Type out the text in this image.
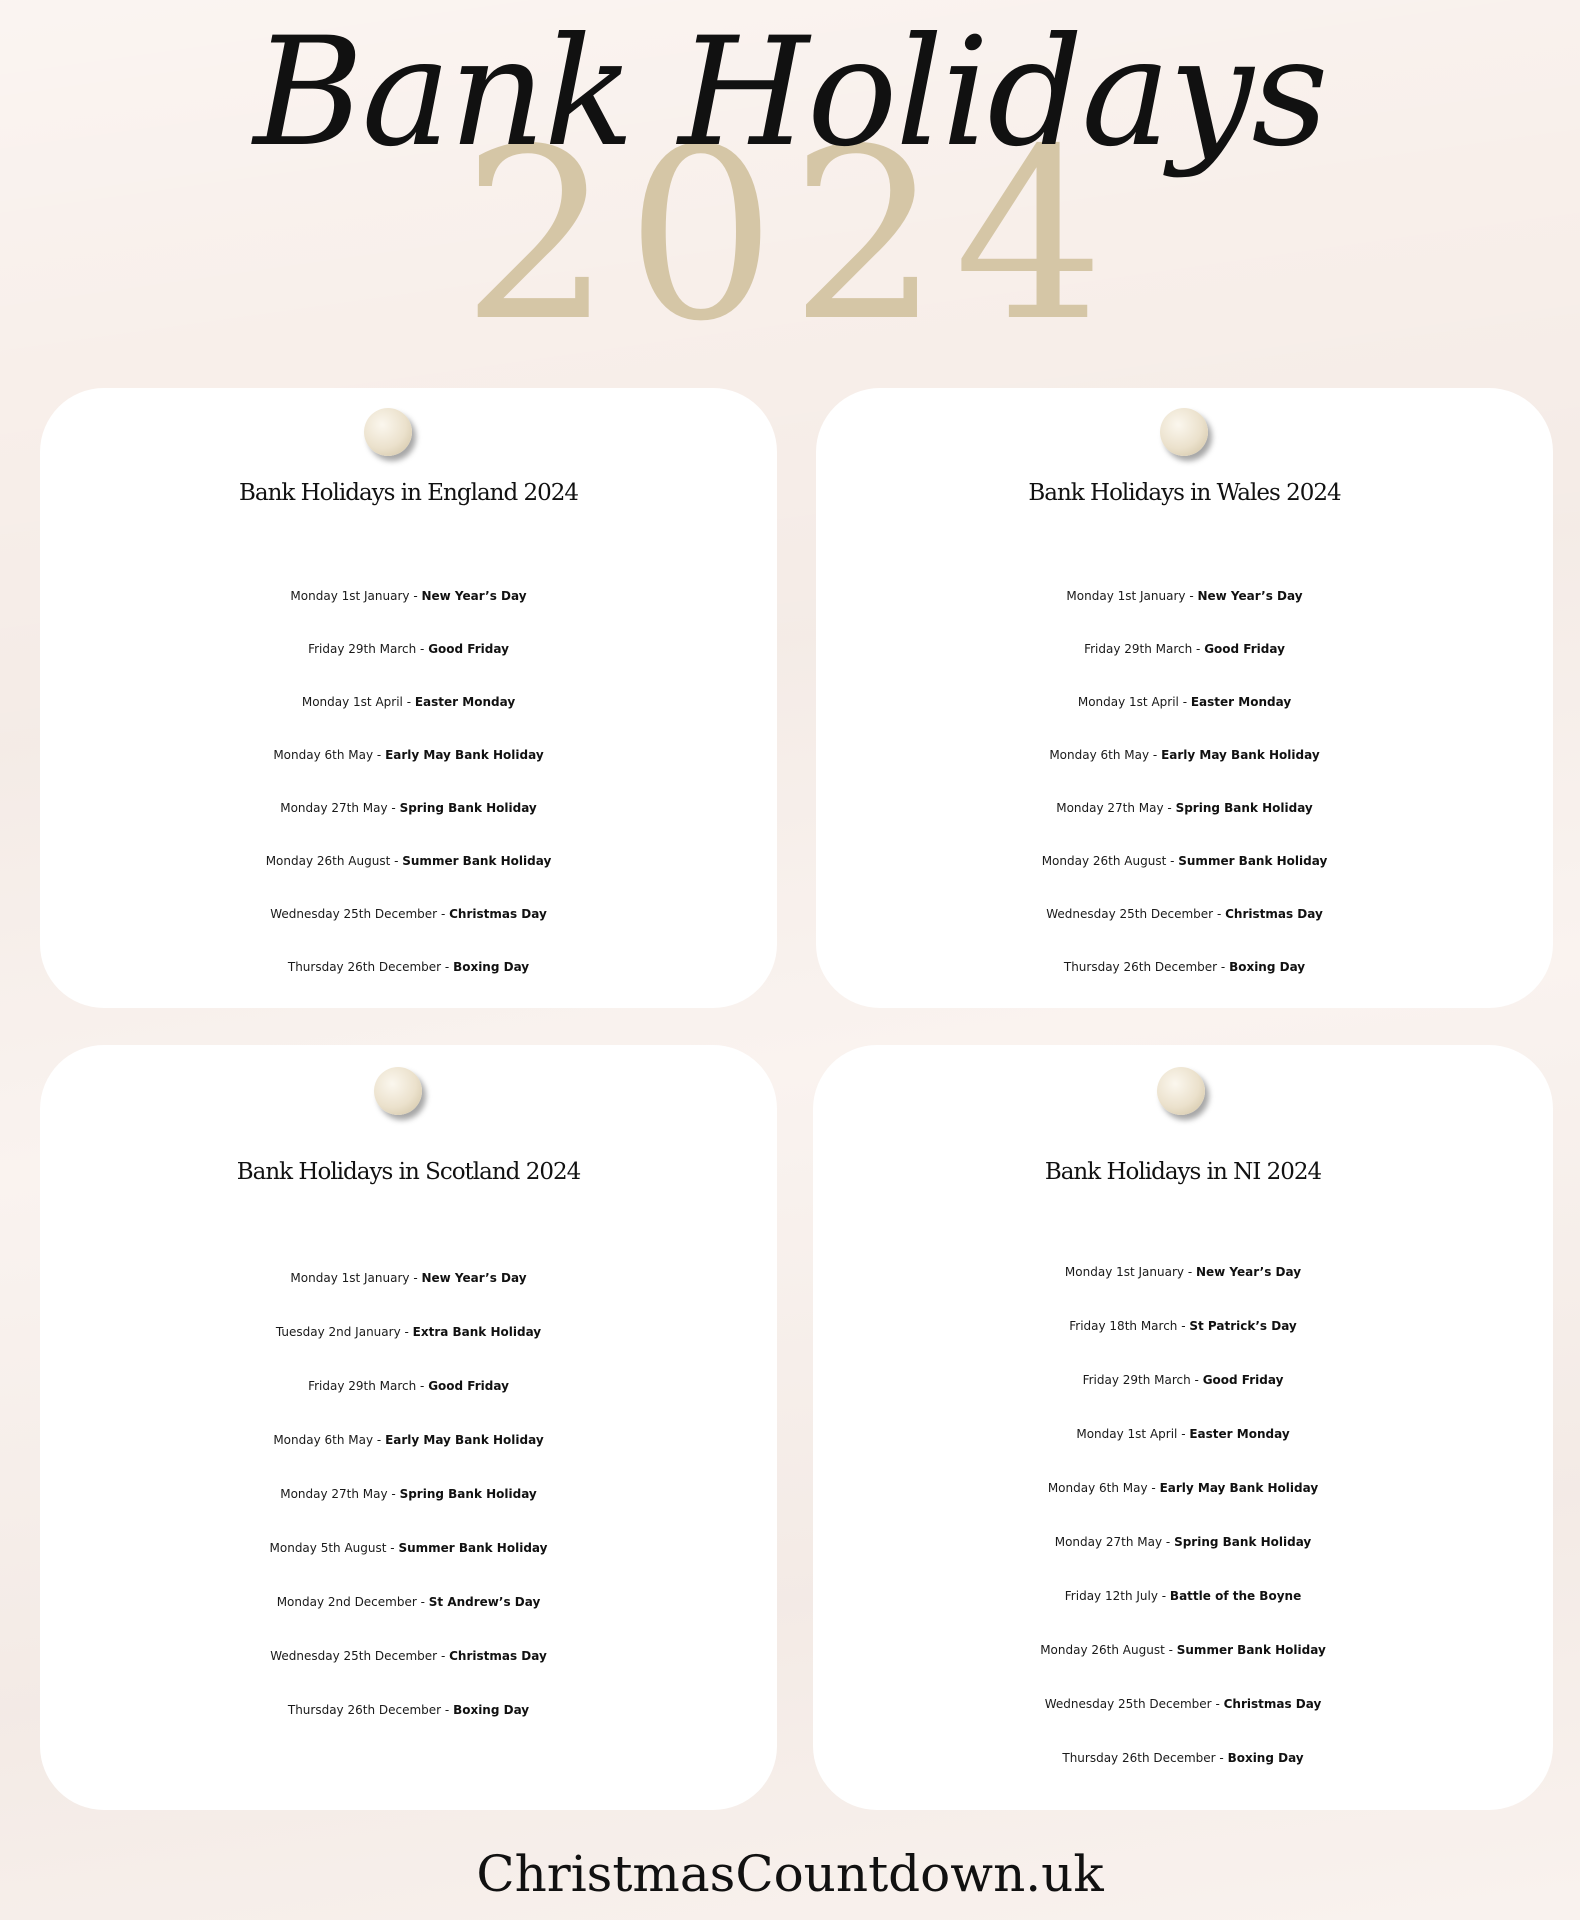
2024
Bank Holidays
Bank Holidays in England 2024
Monday 1st January - New Year’s Day
Friday 29th March - Good Friday
Monday 1st April - Easter Monday
Monday 6th May - Early May Bank Holiday
Monday 27th May - Spring Bank Holiday
Monday 26th August - Summer Bank Holiday
Wednesday 25th December - Christmas Day
Thursday 26th December - Boxing Day
Bank Holidays in Wales 2024
Monday 1st January - New Year’s Day
Friday 29th March - Good Friday
Monday 1st April - Easter Monday
Monday 6th May - Early May Bank Holiday
Monday 27th May - Spring Bank Holiday
Monday 26th August - Summer Bank Holiday
Wednesday 25th December - Christmas Day
Thursday 26th December - Boxing Day
Bank Holidays in Scotland 2024
Monday 1st January - New Year’s Day
Tuesday 2nd January - Extra Bank Holiday
Friday 29th March - Good Friday
Monday 6th May - Early May Bank Holiday
Monday 27th May - Spring Bank Holiday
Monday 5th August - Summer Bank Holiday
Monday 2nd December - St Andrew’s Day
Wednesday 25th December - Christmas Day
Thursday 26th December - Boxing Day
Bank Holidays in NI 2024
Monday 1st January - New Year’s Day
Friday 18th March - St Patrick’s Day
Friday 29th March - Good Friday
Monday 1st April - Easter Monday
Monday 6th May - Early May Bank Holiday
Monday 27th May - Spring Bank Holiday
Friday 12th July - Battle of the Boyne
Monday 26th August - Summer Bank Holiday
Wednesday 25th December - Christmas Day
Thursday 26th December - Boxing Day
ChristmasCountdown.uk
